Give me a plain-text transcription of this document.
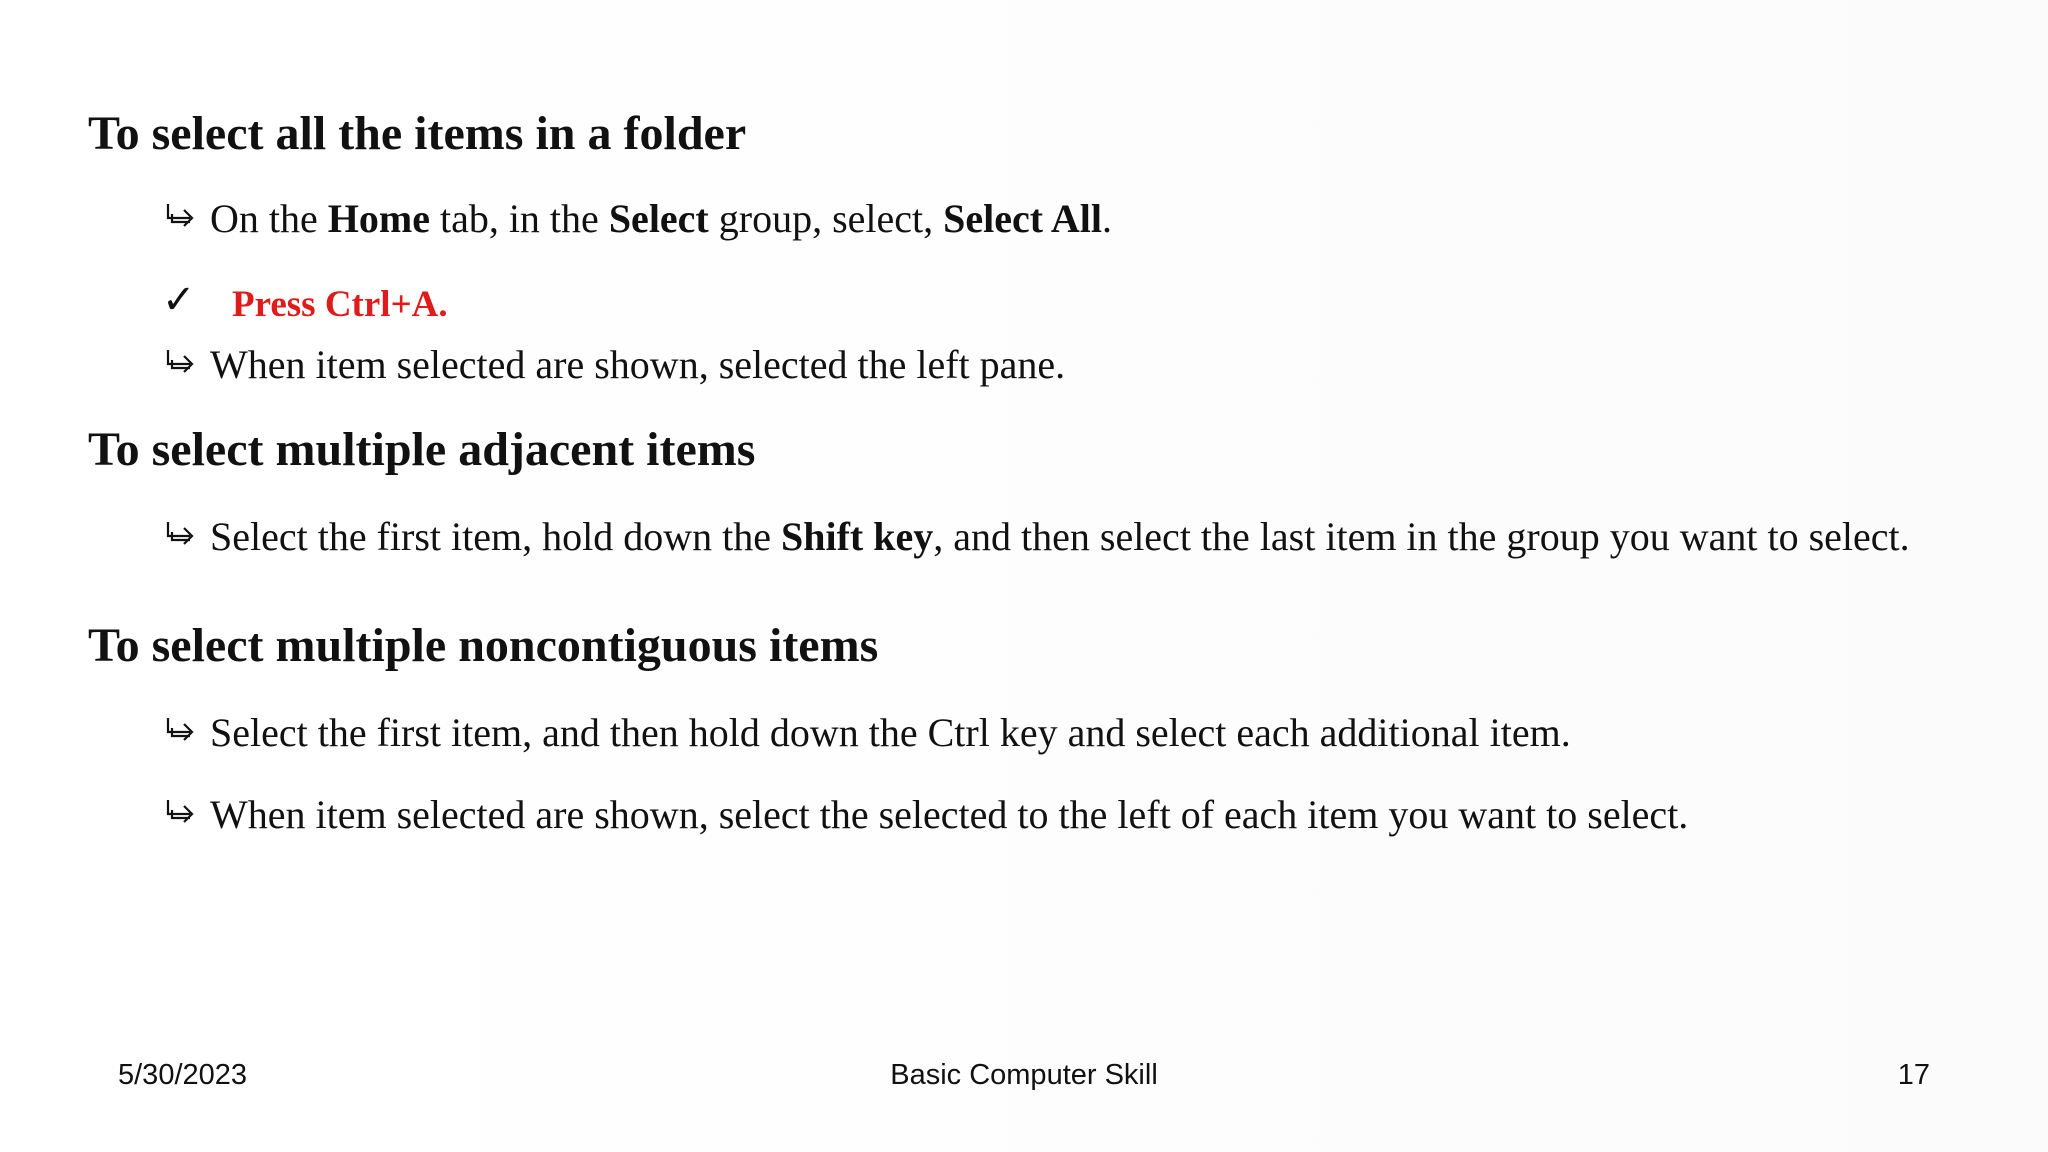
To select all the items in a folder
On the Home tab, in the Select group, select, Select All.
✓ Press Ctrl+A.
When item selected are shown, selected the left pane.
To select multiple adjacent items
Select the first item, hold down the Shift key, and then select the last item in the group you want to select.
To select multiple noncontiguous items
Select the first item, and then hold down the Ctrl key and select each additional item.
When item selected are shown, select the selected to the left of each item you want to select.
5/30/2023	Basic Computer Skill	17
